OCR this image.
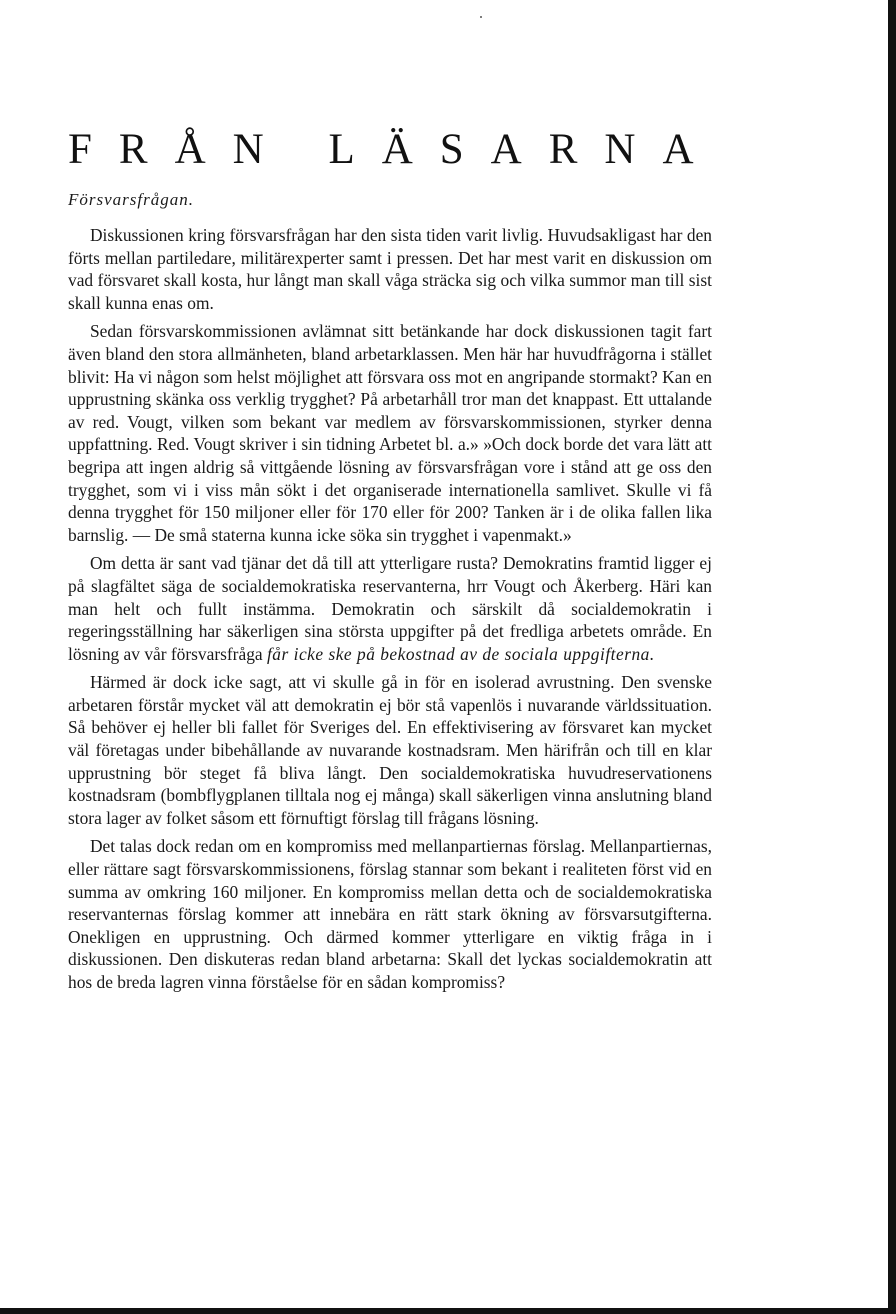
FRÅN LÄSARNA
Försvarsfrågan.

Diskussionen kring försvarsfrågan har den sista tiden varit livlig. Huvudsakligast har den förts mellan partiledare, militärexperter samt i pressen. Det har mest varit en diskussion om vad försvaret skall kosta, hur långt man skall våga sträcka sig och vilka summor man till sist skall kunna enas om.

Sedan försvarskommissionen avlämnat sitt betänkande har dock diskussionen tagit fart även bland den stora allmänheten, bland arbetarklassen. Men här har huvudfrågorna i stället blivit: Ha vi någon som helst möjlighet att försvara oss mot en angripande stormakt? Kan en upprustning skänka oss verklig trygghet? På arbetarhåll tror man det knappast. Ett uttalande av red. Vougt, vilken som bekant var medlem av försvarskommissionen, styrker denna uppfattning. Red. Vougt skriver i sin tidning Arbetet bl. a.» »Och dock borde det vara lätt att begripa att ingen aldrig så vittgående lösning av försvarsfrågan vore i stånd att ge oss den trygghet, som vi i viss mån sökt i det organiserade internationella samlivet. Skulle vi få denna trygghet för 150 miljoner eller för 170 eller för 200? Tanken är i de olika fallen lika barnslig. — De små staterna kunna icke söka sin trygghet i vapenmakt.»

Om detta är sant vad tjänar det då till att ytterligare rusta? Demokratins framtid ligger ej på slagfältet säga de socialdemokratiska reservanterna, hrr Vougt och Åkerberg. Häri kan man helt och fullt instämma. Demokratin och särskilt då socialdemokratin i regeringsställning har säkerligen sina största uppgifter på det fredliga arbetets område. En lösning av vår försvarsfråga får icke ske på bekostnad av de sociala uppgifterna.

Härmed är dock icke sagt, att vi skulle gå in för en isolerad avrustning. Den svenske arbetaren förstår mycket väl att demokratin ej bör stå vapenlös i nuvarande världssituation. Så behöver ej heller bli fallet för Sveriges del. En effektivisering av försvaret kan mycket väl företagas under bibehållande av nuvarande kostnadsram. Men härifrån och till en klar upprustning bör steget få bliva långt. Den socialdemokratiska huvudreservationens kostnadsram (bombflygplanen tilltala nog ej många) skall säkerligen vinna anslutning bland stora lager av folket såsom ett förnuftigt förslag till frågans lösning.

Det talas dock redan om en kompromiss med mellanpartiernas förslag. Mellanpartiernas, eller rättare sagt försvarskommissionens, förslag stannar som bekant i realiteten först vid en summa av omkring 160 miljoner. En kompromiss mellan detta och de socialdemokratiska reservanternas förslag kommer att innebära en rätt stark ökning av försvarsutgifterna. Onekligen en upprustning. Och därmed kommer ytterligare en viktig fråga in i diskussionen. Den diskuteras redan bland arbetarna: Skall det lyckas socialdemokratin att hos de breda lagren vinna förståelse för en sådan kompromiss?
